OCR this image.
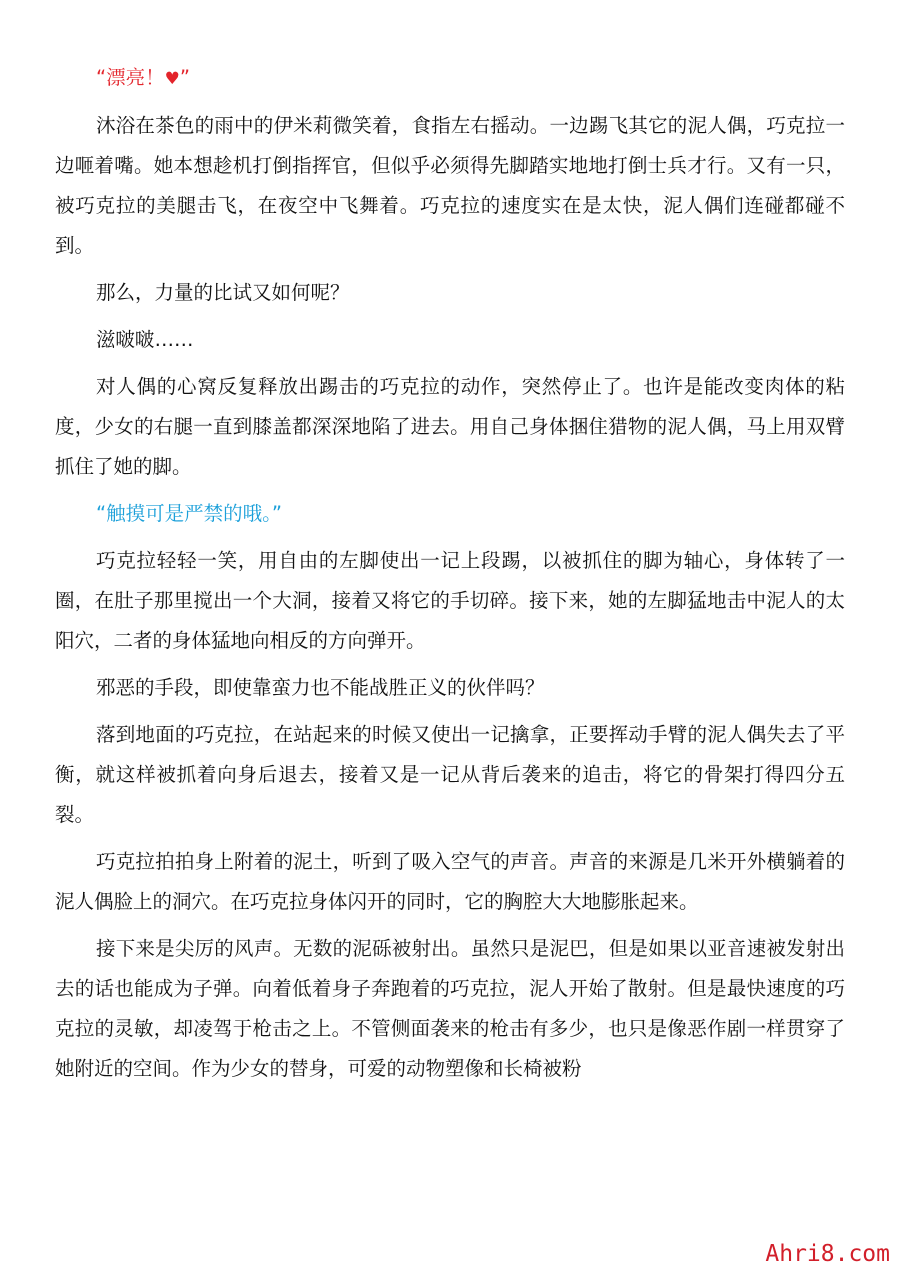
“漂亮！♥”

沐浴在茶色的雨中的伊米莉微笑着，食指左右摇动。一边踢飞其它的泥人偶，巧克拉一边咂着嘴。她本想趁机打倒指挥官，但似乎必须得先脚踏实地地打倒士兵才行。又有一只，被巧克拉的美腿击飞，在夜空中飞舞着。巧克拉的速度实在是太快，泥人偶们连碰都碰不到。

那么，力量的比试又如何呢？

滋啵啵……

对人偶的心窝反复释放出踢击的巧克拉的动作，突然停止了。也许是能改变肉体的粘度，少女的右腿一直到膝盖都深深地陷了进去。用自己身体捆住猎物的泥人偶，马上用双臂抓住了她的脚。

“触摸可是严禁的哦。”

巧克拉轻轻一笑，用自由的左脚使出一记上段踢，以被抓住的脚为轴心，身体转了一圈，在肚子那里搅出一个大洞，接着又将它的手切碎。接下来，她的左脚猛地击中泥人的太阳穴，二者的身体猛地向相反的方向弹开。

邪恶的手段，即使靠蛮力也不能战胜正义的伙伴吗？

落到地面的巧克拉，在站起来的时候又使出一记擒拿，正要挥动手臂的泥人偶失去了平衡，就这样被抓着向身后退去，接着又是一记从背后袭来的追击，将它的骨架打得四分五裂。

巧克拉拍拍身上附着的泥土，听到了吸入空气的声音。声音的来源是几米开外横躺着的泥人偶脸上的洞穴。在巧克拉身体闪开的同时，它的胸腔大大地膨胀起来。

接下来是尖厉的风声。无数的泥砾被射出。虽然只是泥巴，但是如果以亚音速被发射出去的话也能成为子弹。向着低着身子奔跑着的巧克拉，泥人开始了散射。但是最快速度的巧克拉的灵敏，却凌驾于枪击之上。不管侧面袭来的枪击有多少，也只是像恶作剧一样贯穿了她附近的空间。作为少女的替身，可爱的动物塑像和长椅被粉

Ahri8.com
